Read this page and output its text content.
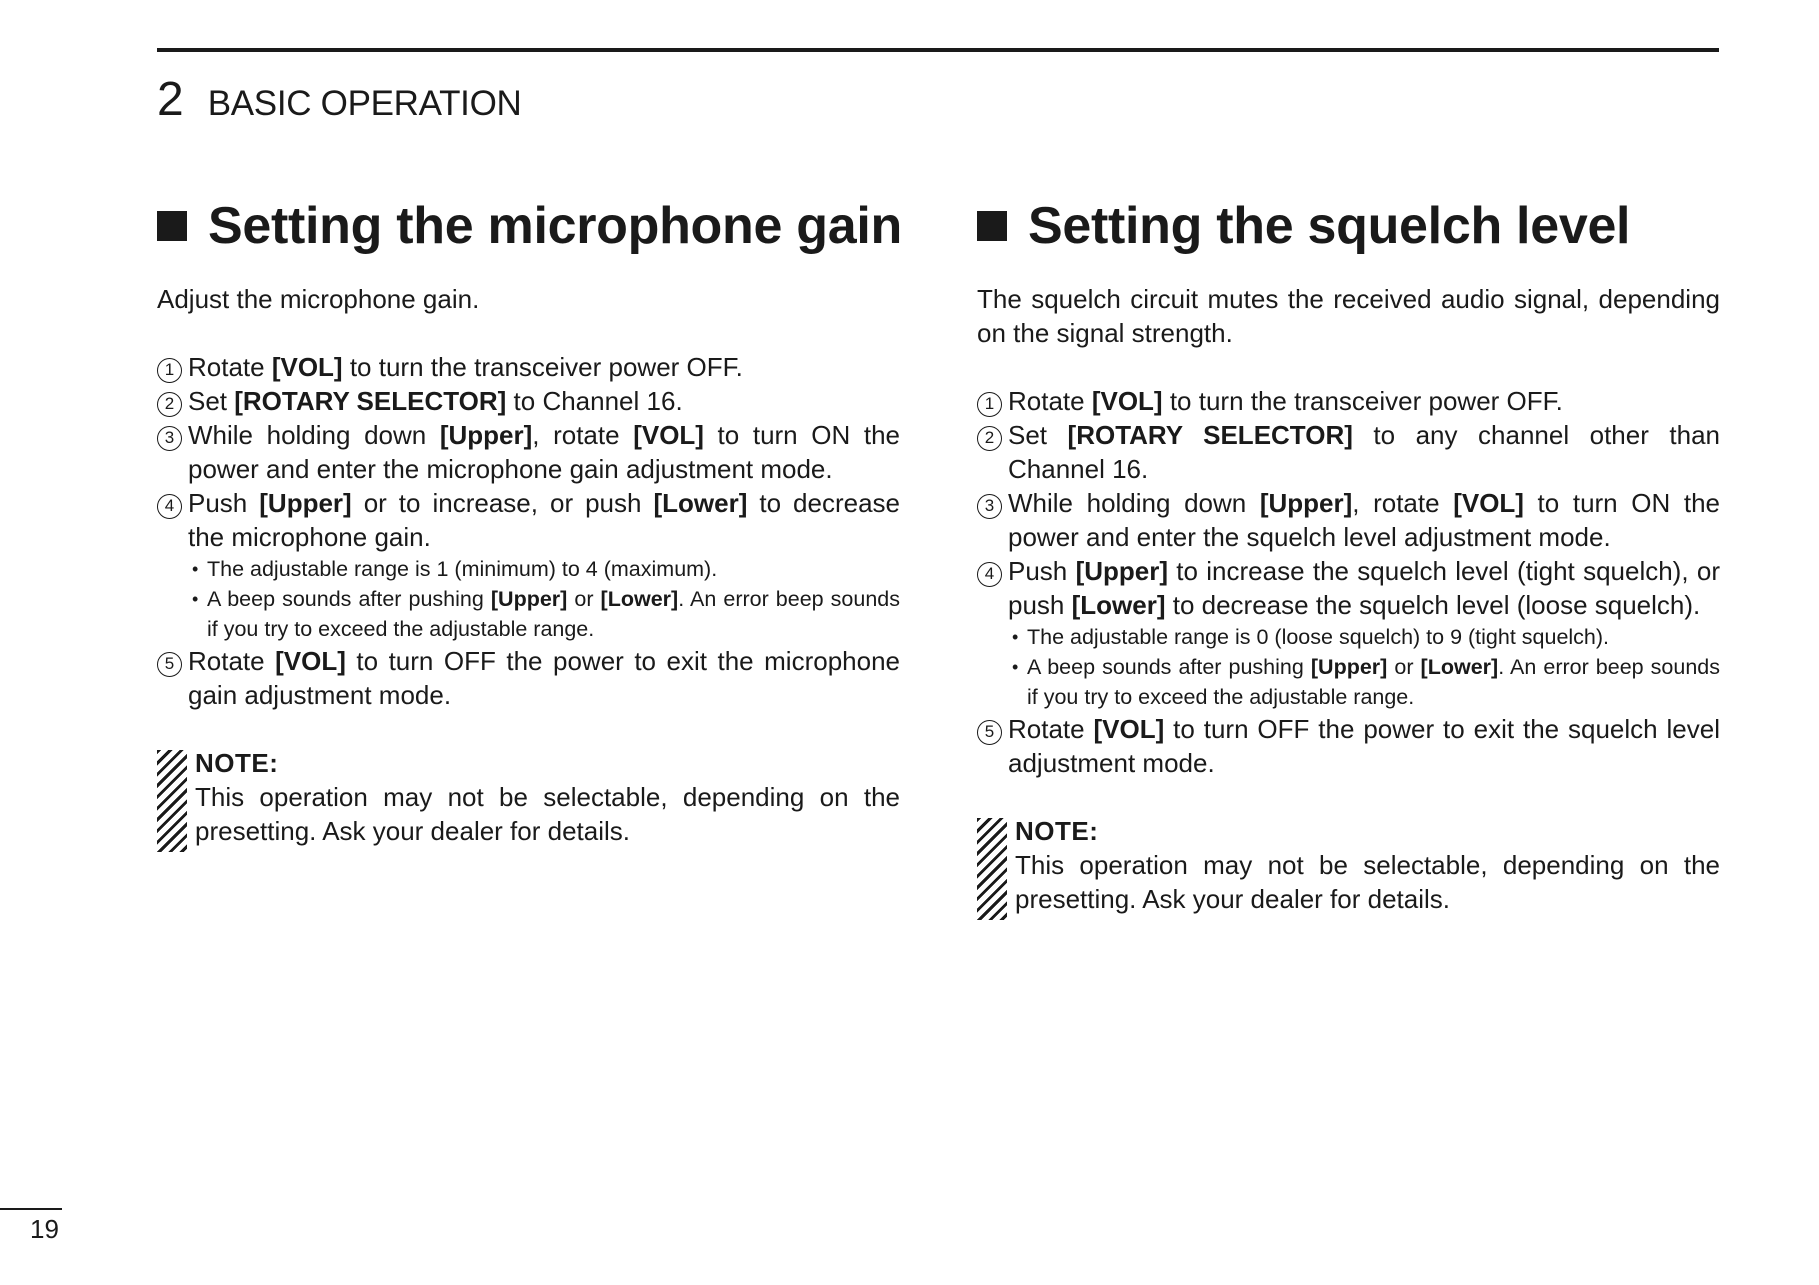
2 BASIC OPERATION
Setting the microphone gain

Adjust the microphone gain.

1 Rotate [VOL] to turn the transceiver power OFF.
2 Set [ROTARY SELECTOR] to Channel 16.
3 While holding down [Upper], rotate [VOL] to turn ON the power and enter the microphone gain adjustment mode.
4 Push [Upper] or to increase, or push [Lower] to decrease the microphone gain.
• The adjustable range is 1 (minimum) to 4 (maximum).
• A beep sounds after pushing [Upper] or [Lower]. An error beep sounds if you try to exceed the adjustable range.
5 Rotate [VOL] to turn OFF the power to exit the microphone gain adjustment mode.
NOTE:
This operation may not be selectable, depending on the presetting. Ask your dealer for details.
Setting the squelch level

The squelch circuit mutes the received audio signal, depending on the signal strength.

1 Rotate [VOL] to turn the transceiver power OFF.
2 Set [ROTARY SELECTOR] to any channel other than Channel 16.
3 While holding down [Upper], rotate [VOL] to turn ON the power and enter the squelch level adjustment mode.
4 Push [Upper] to increase the squelch level (tight squelch), or push [Lower] to decrease the squelch level (loose squelch).
• The adjustable range is 0 (loose squelch) to 9 (tight squelch).
• A beep sounds after pushing [Upper] or [Lower]. An error beep sounds if you try to exceed the adjustable range.
5 Rotate [VOL] to turn OFF the power to exit the squelch level adjustment mode.
NOTE:
This operation may not be selectable, depending on the presetting. Ask your dealer for details.
19
